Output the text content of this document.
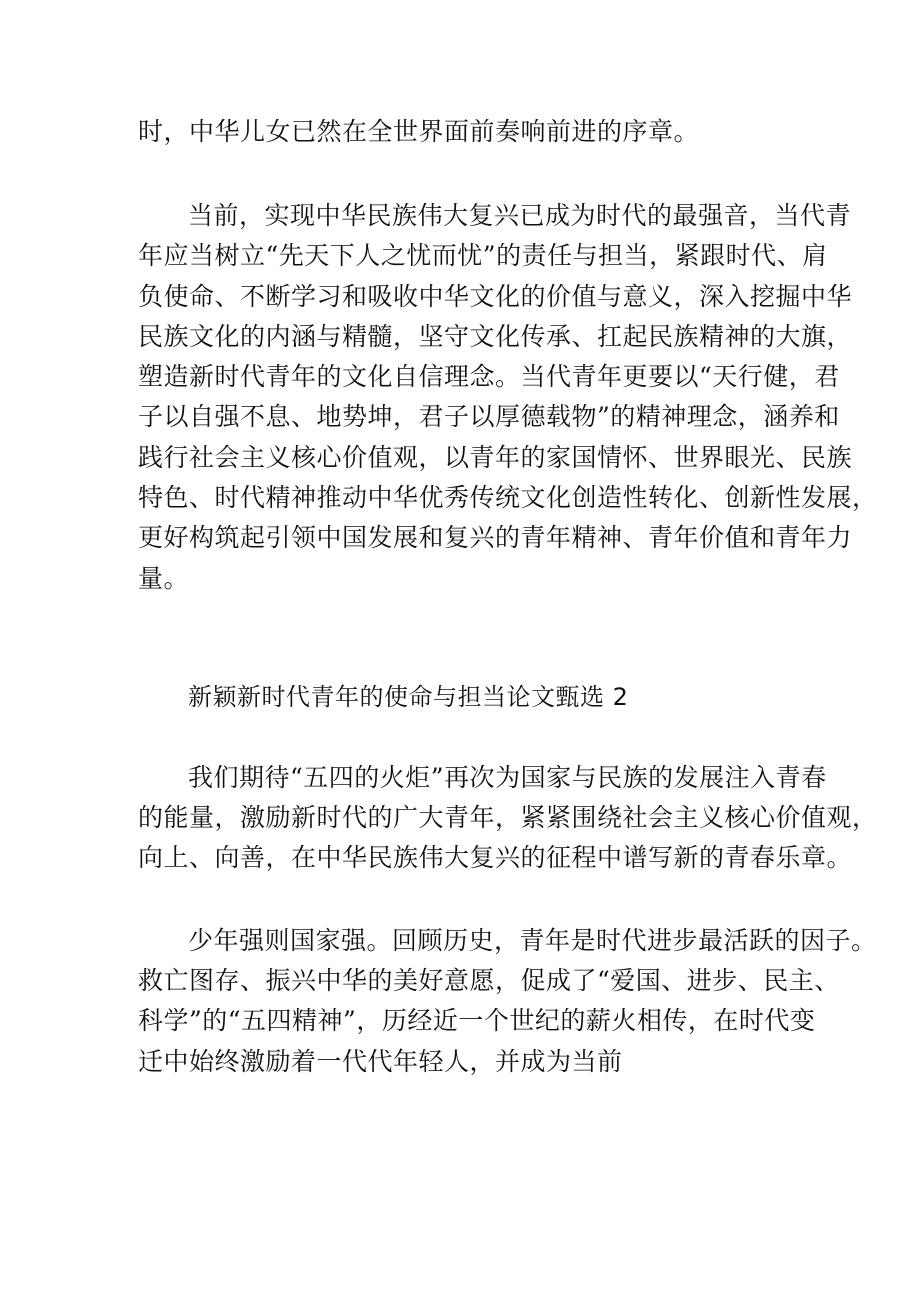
时，中华儿女已然在全世界面前奏响前进的序章。
当前，实现中华民族伟大复兴已成为时代的最强音，当代青
年应当树立“先天下人之忧而忧”的责任与担当，紧跟时代、肩
负使命、不断学习和吸收中华文化的价值与意义，深入挖掘中华
民族文化的内涵与精髓，坚守文化传承、扛起民族精神的大旗，
塑造新时代青年的文化自信理念。当代青年更要以“天行健，君
子以自强不息、地势坤，君子以厚德载物”的精神理念，涵养和
践行社会主义核心价值观，以青年的家国情怀、世界眼光、民族
特色、时代精神推动中华优秀传统文化创造性转化、创新性发展，
更好构筑起引领中国发展和复兴的青年精神、青年价值和青年力
量。
新颖新时代青年的使命与担当论文甄选 2
我们期待“五四的火炬”再次为国家与民族的发展注入青春
的能量，激励新时代的广大青年，紧紧围绕社会主义核心价值观，
向上、向善，在中华民族伟大复兴的征程中谱写新的青春乐章。
少年强则国家强。回顾历史，青年是时代进步最活跃的因子。
救亡图存、振兴中华的美好意愿，促成了“爱国、进步、民主、
科学”的“五四精神”，历经近一个世纪的薪火相传，在时代变
迁中始终激励着一代代年轻人，并成为当前
